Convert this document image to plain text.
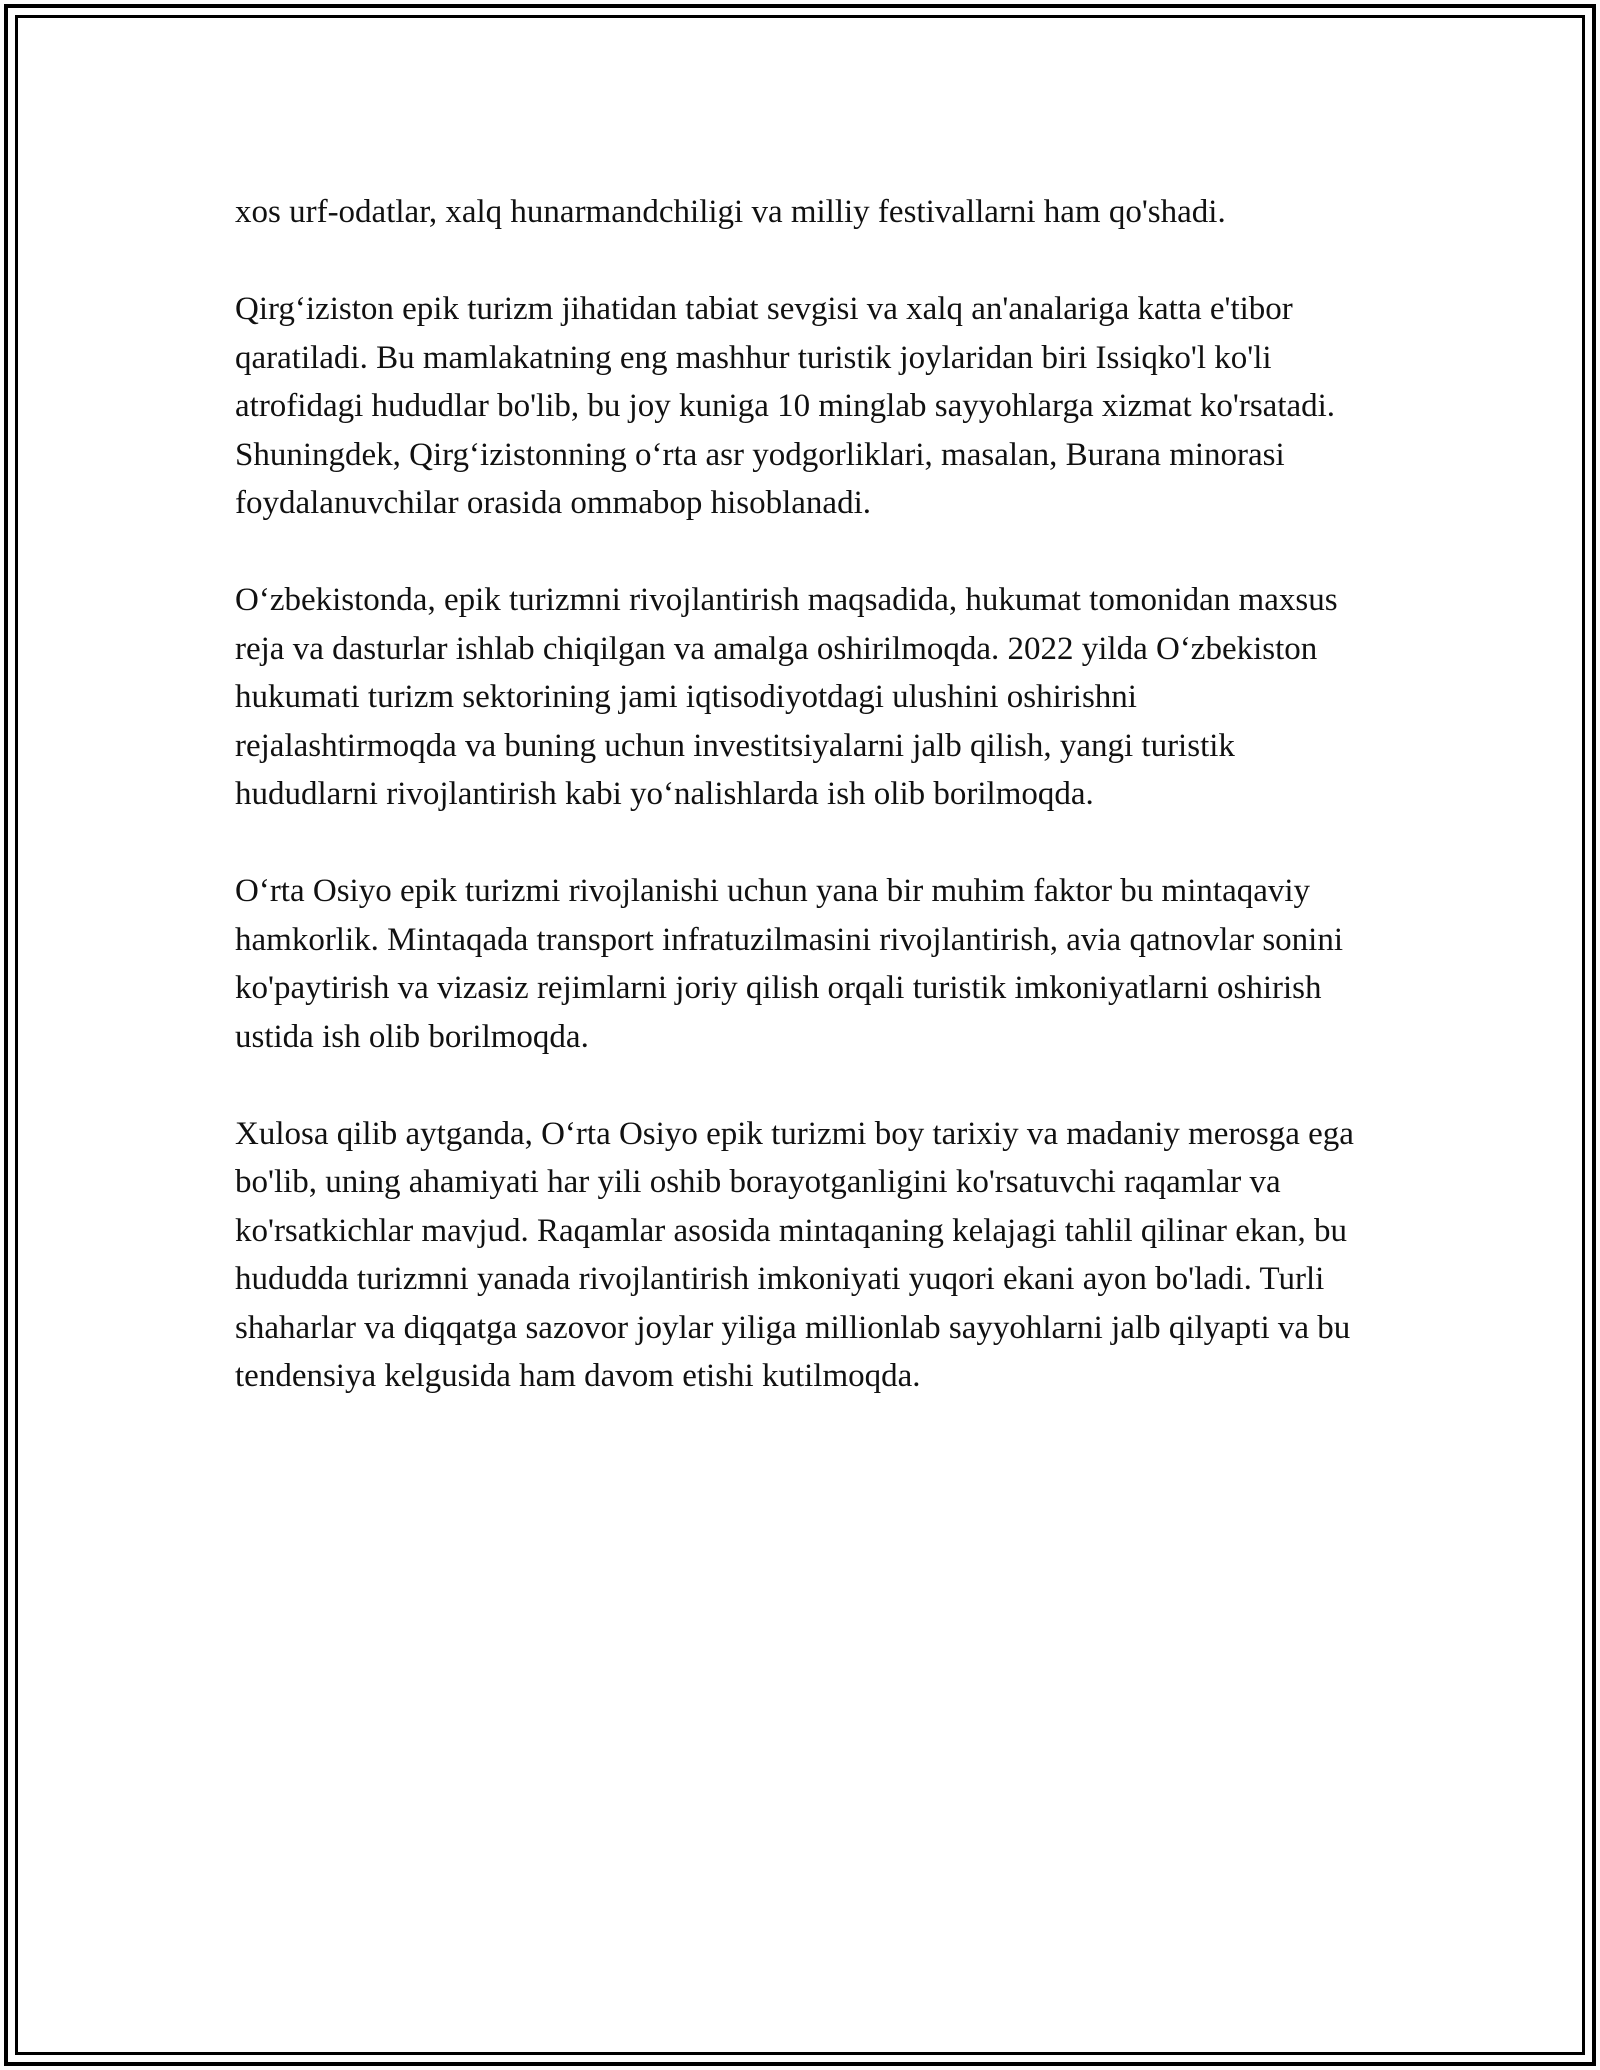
xos urf-odatlar, xalq hunarmandchiligi va milliy festivallarni ham qo'shadi.

Qirg‘iziston epik turizm jihatidan tabiat sevgisi va xalq an'analariga katta e'tibor qaratiladi. Bu mamlakatning eng mashhur turistik joylaridan biri Issiqko'l ko'li atrofidagi hududlar bo'lib, bu joy kuniga 10 minglab sayyohlarga xizmat ko'rsatadi. Shuningdek, Qirg‘izistonning o‘rta asr yodgorliklari, masalan, Burana minorasi foydalanuvchilar orasida ommabop hisoblanadi.

O‘zbekistonda, epik turizmni rivojlantirish maqsadida, hukumat tomonidan maxsus reja va dasturlar ishlab chiqilgan va amalga oshirilmoqda. 2022 yilda O‘zbekiston hukumati turizm sektorining jami iqtisodiyotdagi ulushini oshirishni rejalashtirmoqda va buning uchun investitsiyalarni jalb qilish, yangi turistik hududlarni rivojlantirish kabi yo‘nalishlarda ish olib borilmoqda.

O‘rta Osiyo epik turizmi rivojlanishi uchun yana bir muhim faktor bu mintaqaviy hamkorlik. Mintaqada transport infratuzilmasini rivojlantirish, avia qatnovlar sonini ko'paytirish va vizasiz rejimlarni joriy qilish orqali turistik imkoniyatlarni oshirish ustida ish olib borilmoqda.

Xulosa qilib aytganda, O‘rta Osiyo epik turizmi boy tarixiy va madaniy merosga ega bo'lib, uning ahamiyati har yili oshib borayotganligini ko'rsatuvchi raqamlar va ko'rsatkichlar mavjud. Raqamlar asosida mintaqaning kelajagi tahlil qilinar ekan, bu hududda turizmni yanada rivojlantirish imkoniyati yuqori ekani ayon bo'ladi. Turli shaharlar va diqqatga sazovor joylar yiliga millionlab sayyohlarni jalb qilyapti va bu tendensiya kelgusida ham davom etishi kutilmoqda.
